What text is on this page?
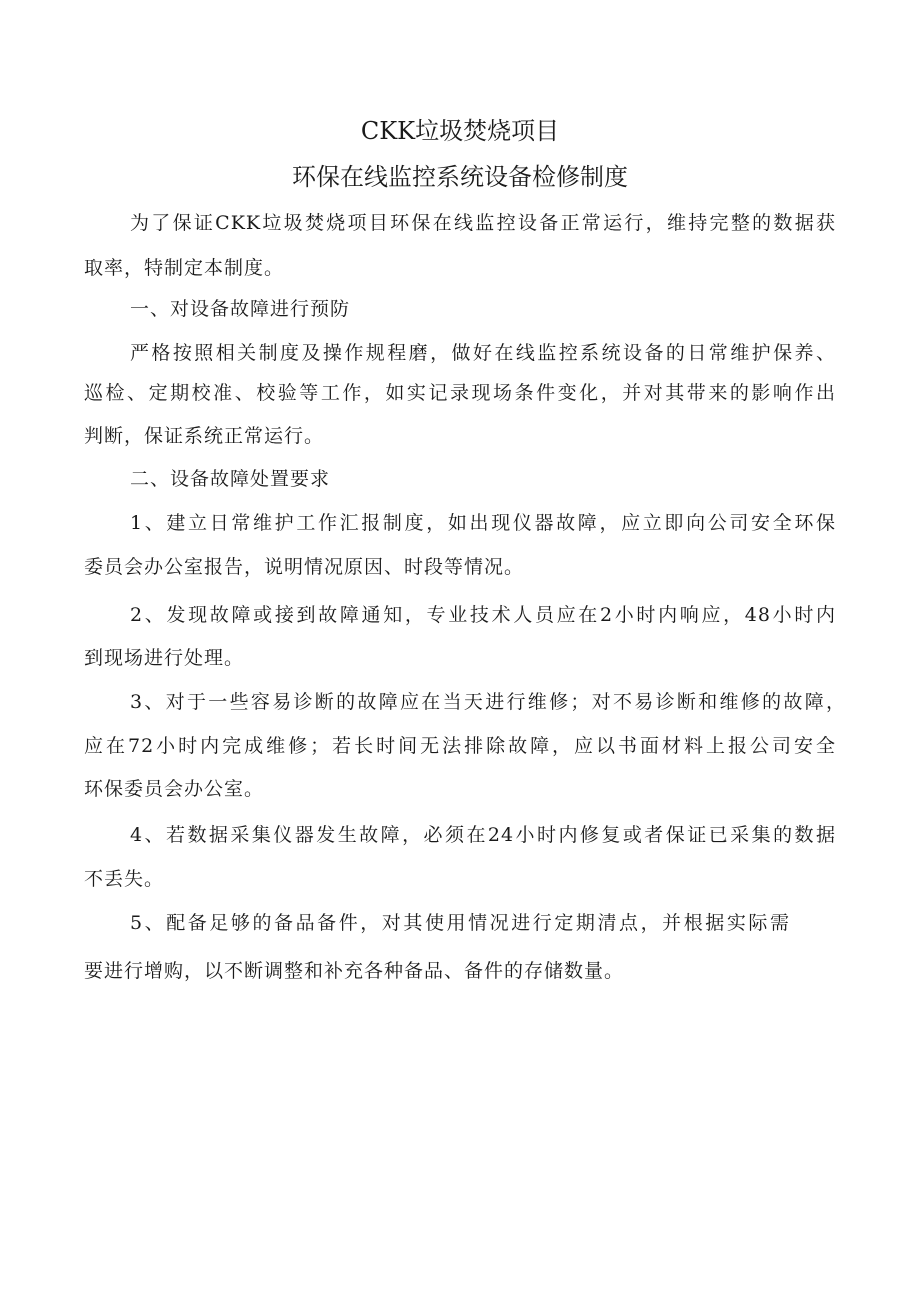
CKK垃圾焚烧项目
环保在线监控系统设备检修制度
为了保证CKK垃圾焚烧项目环保在线监控设备正常运行，维持完整的数据获
取率，特制定本制度。
一、对设备故障进行预防
严格按照相关制度及操作规程磨，做好在线监控系统设备的日常维护保养、
巡检、定期校准、校验等工作，如实记录现场条件变化，并对其带来的影响作出
判断，保证系统正常运行。
二、设备故障处置要求
1、建立日常维护工作汇报制度，如出现仪器故障，应立即向公司安全环保
委员会办公室报告，说明情况原因、时段等情况。
2、发现故障或接到故障通知，专业技术人员应在2小时内响应，48小时内
到现场进行处理。
3、对于一些容易诊断的故障应在当天进行维修；对不易诊断和维修的故障，
应在72小时内完成维修；若长时间无法排除故障，应以书面材料上报公司安全
环保委员会办公室。
4、若数据采集仪器发生故障，必须在24小时内修复或者保证已采集的数据
不丢失。
5、配备足够的备品备件，对其使用情况进行定期清点，并根据实际需
要进行增购，以不断调整和补充各种备品、备件的存储数量。
